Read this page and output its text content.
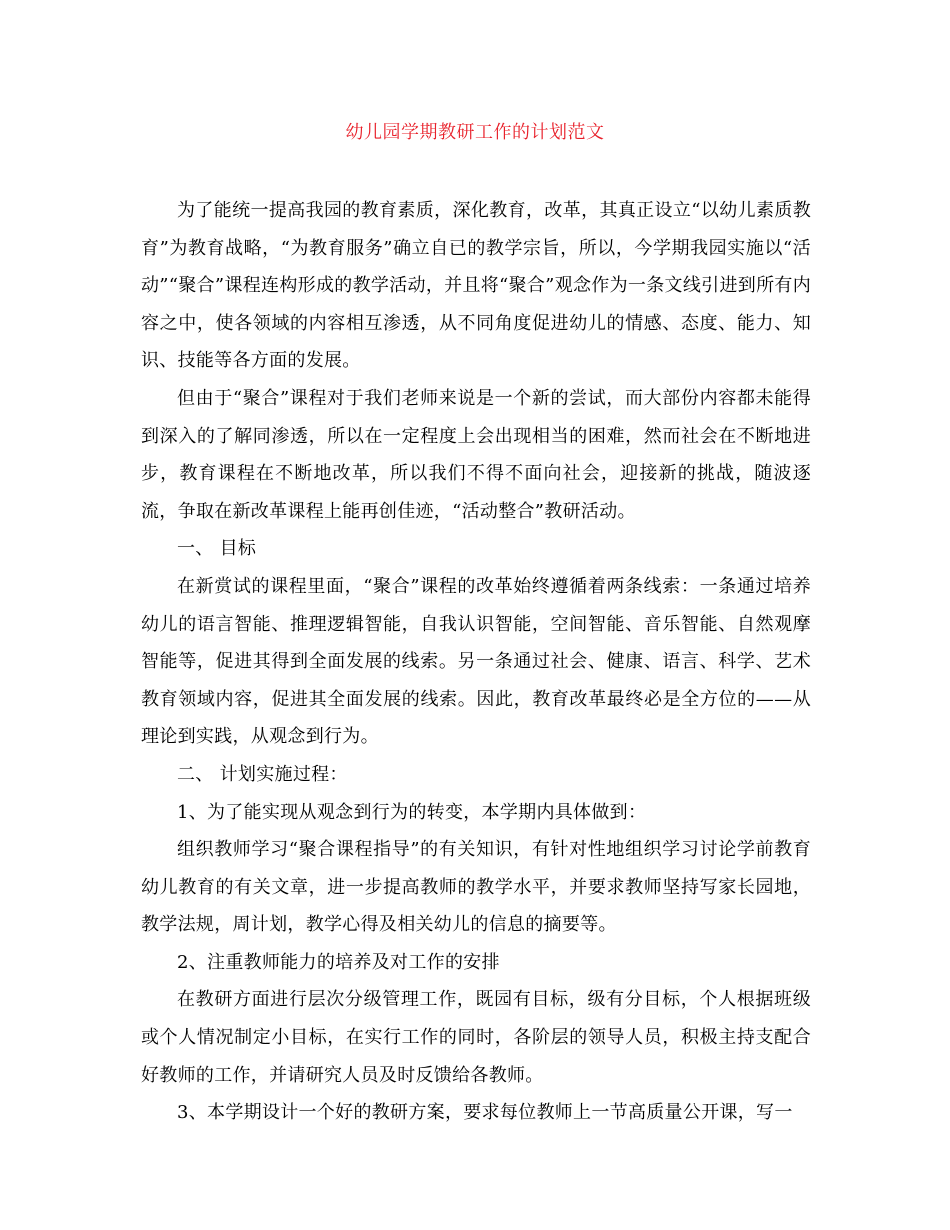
幼儿园学期教研工作的计划范文

为了能统一提高我园的教育素质，深化教育，改革，其真正设立“以幼儿素质教育”为教育战略，“为教育服务”确立自已的教学宗旨，所以，今学期我园实施以“活动”“聚合”课程连构形成的教学活动，并且将“聚合”观念作为一条文线引进到所有内容之中，使各领域的内容相互渗透，从不同角度促进幼儿的情感、态度、能力、知识、技能等各方面的发展。

但由于“聚合”课程对于我们老师来说是一个新的尝试，而大部份内容都未能得到深入的了解同渗透，所以在一定程度上会出现相当的困难，然而社会在不断地进步，教育课程在不断地改革，所以我们不得不面向社会，迎接新的挑战，随波逐流，争取在新改革课程上能再创佳迹，“活动整合”教研活动。

一、 目标

在新赏试的课程里面，“聚合”课程的改革始终遵循着两条线索：一条通过培养幼儿的语言智能、推理逻辑智能，自我认识智能，空间智能、音乐智能、自然观摩智能等，促进其得到全面发展的线索。另一条通过社会、健康、语言、科学、艺术教育领域内容，促进其全面发展的线索。因此，教育改革最终必是全方位的——从理论到实践，从观念到行为。

二、 计划实施过程：

1、为了能实现从观念到行为的转变，本学期内具体做到：

组织教师学习“聚合课程指导”的有关知识，有针对性地组织学习讨论学前教育幼儿教育的有关文章，进一步提高教师的教学水平，并要求教师坚持写家长园地，教学法规，周计划，教学心得及相关幼儿的信息的摘要等。

2、注重教师能力的培养及对工作的安排

在教研方面进行层次分级管理工作，既园有目标，级有分目标，个人根据班级或个人情况制定小目标，在实行工作的同时，各阶层的领导人员，积极主持支配合好教师的工作，并请研究人员及时反馈给各教师。

3、本学期设计一个好的教研方案，要求每位教师上一节高质量公开课，写一
